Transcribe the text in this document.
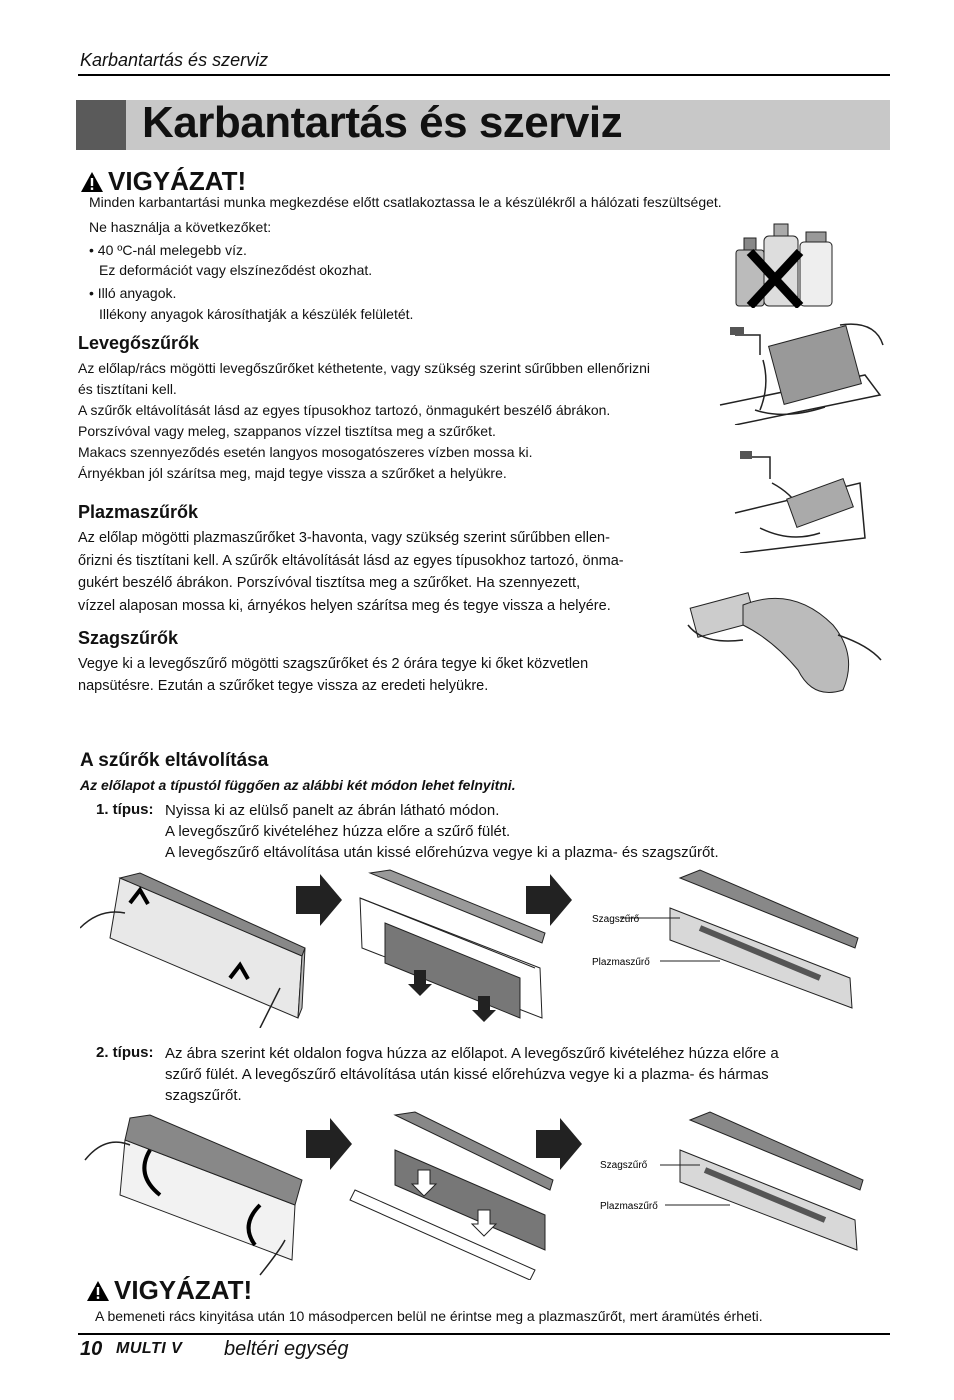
Karbantartás és szerviz
Karbantartás és szerviz
VIGYÁZAT!
Minden karbantartási munka megkezdése előtt csatlakoztassa le a készülékről a hálózati feszültséget.
Ne használja a következőket:
• 40 ºC-nál melegebb víz.
Ez deformációt vagy elszíneződést okozhat.
• Illó anyagok.
Illékony anyagok károsíthatják a készülék felületét.
Levegőszűrők
Az előlap/rács mögötti levegőszűrőket kéthetente, vagy szükség szerint sűrűbben ellenőrizni
és tisztítani kell.
A szűrők eltávolítását lásd az egyes típusokhoz tartozó, önmagukért beszélő ábrákon.
Porszívóval vagy meleg, szappanos vízzel tisztítsa meg a szűrőket.
Makacs szennyeződés esetén langyos mosogatószeres vízben mossa ki.
Árnyékban jól szárítsa meg, majd tegye vissza a szűrőket a helyükre.
Plazmaszűrők
Az előlap mögötti plazmaszűrőket 3-havonta, vagy szükség szerint sűrűbben ellen-
őrizni és tisztítani kell. A szűrők eltávolítását lásd az egyes típusokhoz tartozó, önma-
gukért beszélő ábrákon. Porszívóval tisztítsa meg a szűrőket. Ha szennyezett,
vízzel alaposan mossa ki, árnyékos helyen szárítsa meg és tegye vissza a helyére.
Szagszűrők
Vegye ki a levegőszűrő mögötti szagszűrőket és 2 órára tegye ki őket közvetlen
napsütésre. Ezután a szűrőket tegye vissza az eredeti helyükre.
A szűrők eltávolítása
Az előlapot a típustól függően az alábbi két módon lehet felnyitni.
1. típus: Nyissa ki az elülső panelt az ábrán látható módon.
A levegőszűrő kivételéhez húzza előre a szűrő fülét.
A levegőszűrő eltávolítása után kissé előrehúzva vegye ki a plazma- és szagszűrőt.
Szagszűrő
Plazmaszűrő
2. típus: Az ábra szerint két oldalon fogva húzza az előlapot. A levegőszűrő kivételéhez húzza előre a
szűrő fülét. A levegőszűrő eltávolítása után kissé előrehúzva vegye ki a plazma- és hármas
szagszűrőt.
Szagszűrő
Plazmaszűrő
VIGYÁZAT!
A bemeneti rács kinyitása után 10 másodpercen belül ne érintse meg a plazmaszűrőt, mert áramütés érheti.
10 MULTI V beltéri egység
